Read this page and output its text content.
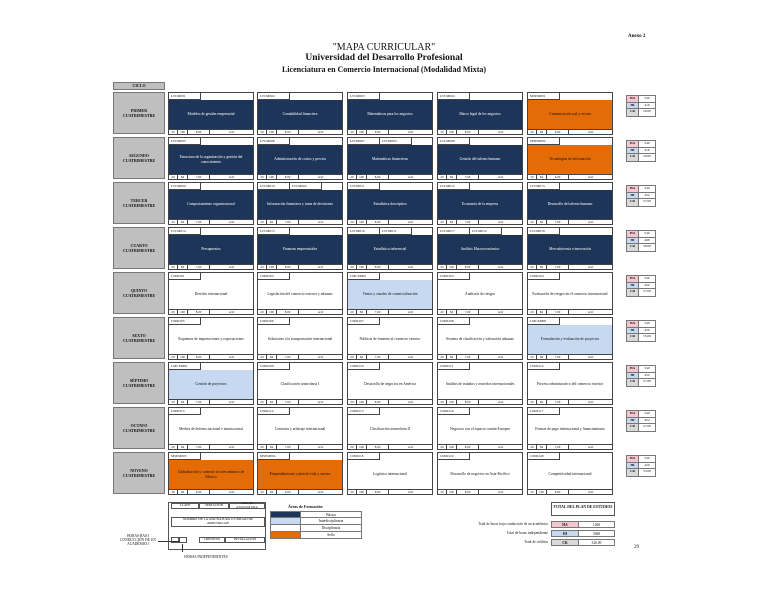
Anexo 2
"MAPA CURRICULAR"
Universidad del Desarrollo Profesional
Licenciatura en Comercio Internacional (Modalidad Mixta)
CICLO
PRIMER CUATRIMESTRE
LTCM001
Modelos de gestión empresarial
20	100	8.00	A/O
LTCM002
Contabilidad financiera
20	100	8.00	A/O
LTCM003
Matemáticas para los negocios
20	100	8.00	A/O
LTCM004
Marco legal de los negocios
20	100	8.00	A/O
MSEM001
Comunicación oral y escrita
20	84	6.00	A/O
HA	540
HI	416
CR	50.00
SEGUNDO CUATRIMESTRE
LTCM005
Estructura de la organización y gestión del conocimiento
20	84	7.00	A/O
LTCM006
Administración de costos y precios
20	100	8.00	A/O
LTCM007	LTCM003
Matemáticas financieras
20	100	8.00	A/O
LTCM008
Gestión del talento humano
20	84	7.00	A/O
MSEM002
Tecnologías de información
20	84	6.00	A/O
HA	540
HI	416
CR	50.00
TERCER CUATRIMESTRE
LTCM009
Comportamiento organizacional
20	84	7.00	A/O
LTCM010	LTCM002
Información financiera y toma de decisiones
20	84	7.00	A/O
LTCM011
Estadística descriptiva
20	100	8.00	A/O
LTCM012
Economía de la empresa
20	84	7.00	A/O
LTCM013
Desarrollo del talento humano
20	84	7.00	A/O
HA	540
HI	452
CR	57.00
CUARTO CUATRIMESTRE
LTCM014
Presupuestos
20	84	7.00	A/O
LTCM015
Finanzas empresariales
20	100	8.00	A/O
LTCM016	LTCM011
Estadística inferencial
20	100	8.00	A/O
LTCM017	LTCM012
Análisis Macroeconómico
20	100	8.00	A/O
LTCM018
Mercadotecnia e innovación
20	84	7.00	A/O
HA	540
HI	468
CR	58.00
QUINTO CUATRIMESTRE
CIM0101
Derecho internacional
20	100	8.00	A/O
CIM0102
Legislación del comercio exterior y aduanas
20	100	8.00	A/O
LMCM002
Ventas y canales de comercialización
20	84	7.00	A/O
CIM0103
Auditoría de riesgos
20	84	7.00	A/O
CIM0104
Evaluación de riesgos en el comercio internacional
20	84	7.00	A/O
HA	540
HI	452
CR	57.00
SEXTO CUATRIMESTRE
CIM0105
Esquemas de importaciones y exportaciones
20	100	8.00	A/O
CIM0106
Soluciones a la transportación internacional
20	84	7.00	A/O
CIM0107
Políticas de fomento al comercio exterior
20	84	7.00	A/O
CIM0108
Sistema de clasificación y valoración aduanas
20	84	7.00	A/O
LMCM008
Formulación y evaluación de proyectos
20	84	7.00	A/O
HA	540
HI	420
CR	55.00
SÉPTIMO CUATRIMESTRE
LMCM009
Gestión de proyectos
20	84	7.00	A/O
CIM0109
Clasificación arancelaria I
20	84	7.00	A/O
CIM0110
Desarrollo de negocios en América
20	100	8.00	A/O
CIM0111
Análisis de tratados y acuerdos internacionales
20	100	8.00	A/O
CIM0112
Proceso administrativo del comercio exterior
20	84	7.00	A/O
HA	540
HI	452
CR	57.00
OCTAVO CUATRIMESTRE
CIM0113
Medios de defensa nacional e internacional
20	84	7.00	A/O
CIM0114
Contratos y arbitraje internacional
20	84	7.00	A/O
CIM0115
Clasificación arancelaria II
20	100	8.00	A/O
CIM0116
Negocios con el espacio común Europeo
20	100	8.00	A/O
CIM0117
Formas de pago internacional y financiamiento
20	84	7.00	A/O
HA	540
HI	452
CR	57.00
NOVENO CUATRIMESTRE
MSEM003
Globalización y contexto socioeconómico de México
20	84	6.00	A/O
MSEM004
Emprendimiento y plan de vida y carrera
20	84	6.00	A/O
CIM0118
Logística internacional
20	100	8.00	A/O
CIM0119
Desarrollo de negocios en Asia-Pacífico
20	100	8.00	A/O
CIM0120
Competitividad internacional
20	100	8.00	A/O
HA	540
HI	420
CR	55.00
CLAVE	SERIACIÓN	TIPO DE ASIGNATURA
NOMBRE DE LA ASIGNATURA O UNIDAD DE APRENDIZAJE
CRÉDITOS	INSTALACIÓN
HORAS BAJO CONDUCCIÓN DE UN ACADÉMICO
HORAS INDEPENDIENTES
Áreas de Formación
Básica
Interdisciplinaria
Disciplinaria
Sello
TOTAL DEL PLAN DE ESTUDIOS
Total de horas bajo conducción de un académico	HA	1260
Total de horas independiente	HI	3948
Total de créditos	CR	326.00
29
